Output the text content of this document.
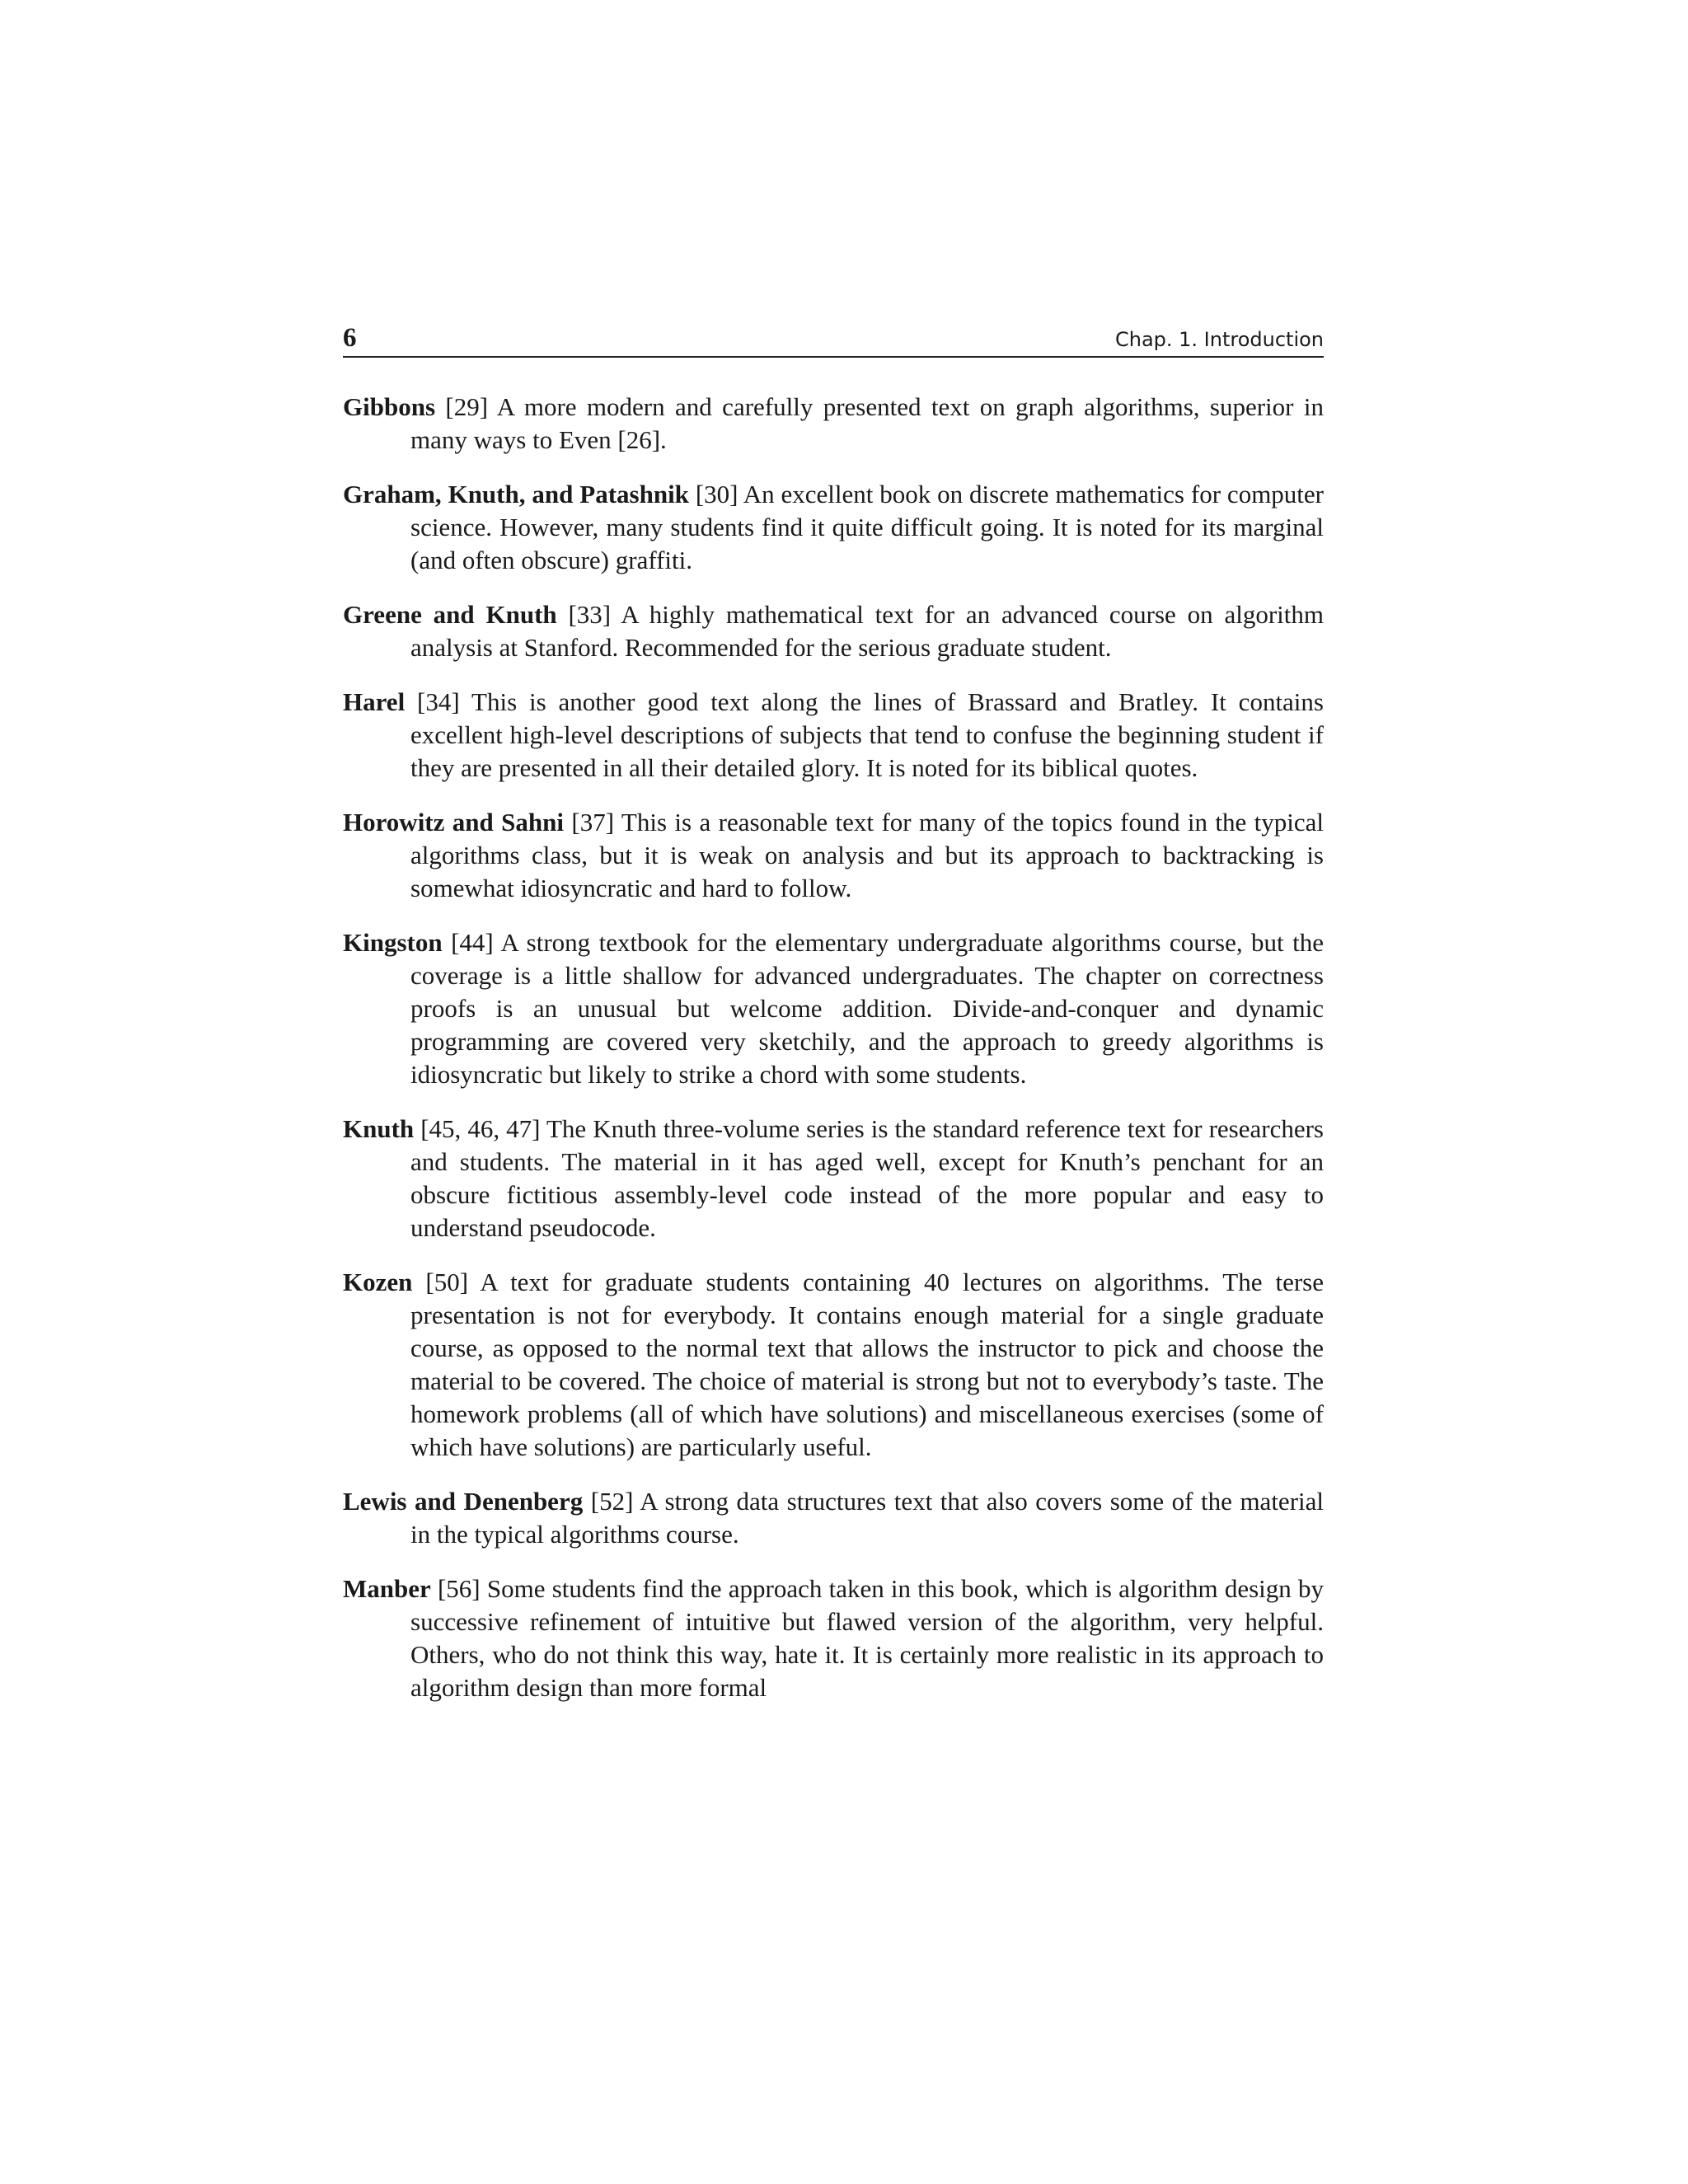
6	Chap. 1. Introduction

Gibbons [29] A more modern and carefully presented text on graph algorithms, superior in many ways to Even [26].

Graham, Knuth, and Patashnik [30] An excellent book on discrete mathematics for computer science. However, many students find it quite difficult going. It is noted for its marginal (and often obscure) graffiti.

Greene and Knuth [33] A highly mathematical text for an advanced course on algorithm analysis at Stanford. Recommended for the serious graduate student.

Harel [34] This is another good text along the lines of Brassard and Bratley. It contains excellent high-level descriptions of subjects that tend to confuse the beginning student if they are presented in all their detailed glory. It is noted for its biblical quotes.

Horowitz and Sahni [37] This is a reasonable text for many of the topics found in the typical algorithms class, but it is weak on analysis and but its approach to backtracking is somewhat idiosyncratic and hard to follow.

Kingston [44] A strong textbook for the elementary undergraduate algorithms course, but the coverage is a little shallow for advanced undergraduates. The chapter on correctness proofs is an unusual but welcome addition. Divide-and-conquer and dynamic programming are covered very sketchily, and the approach to greedy algorithms is idiosyncratic but likely to strike a chord with some students.

Knuth [45, 46, 47] The Knuth three-volume series is the standard reference text for researchers and students. The material in it has aged well, except for Knuth’s penchant for an obscure fictitious assembly-level code instead of the more popular and easy to understand pseudocode.

Kozen [50] A text for graduate students containing 40 lectures on algorithms. The terse presentation is not for everybody. It contains enough material for a single graduate course, as opposed to the normal text that allows the instructor to pick and choose the material to be covered. The choice of material is strong but not to everybody’s taste. The homework problems (all of which have solutions) and miscellaneous exercises (some of which have solutions) are particularly useful.

Lewis and Denenberg [52] A strong data structures text that also covers some of the material in the typical algorithms course.

Manber [56] Some students find the approach taken in this book, which is algorithm design by successive refinement of intuitive but flawed version of the algorithm, very helpful. Others, who do not think this way, hate it. It is certainly more realistic in its approach to algorithm design than more formal
